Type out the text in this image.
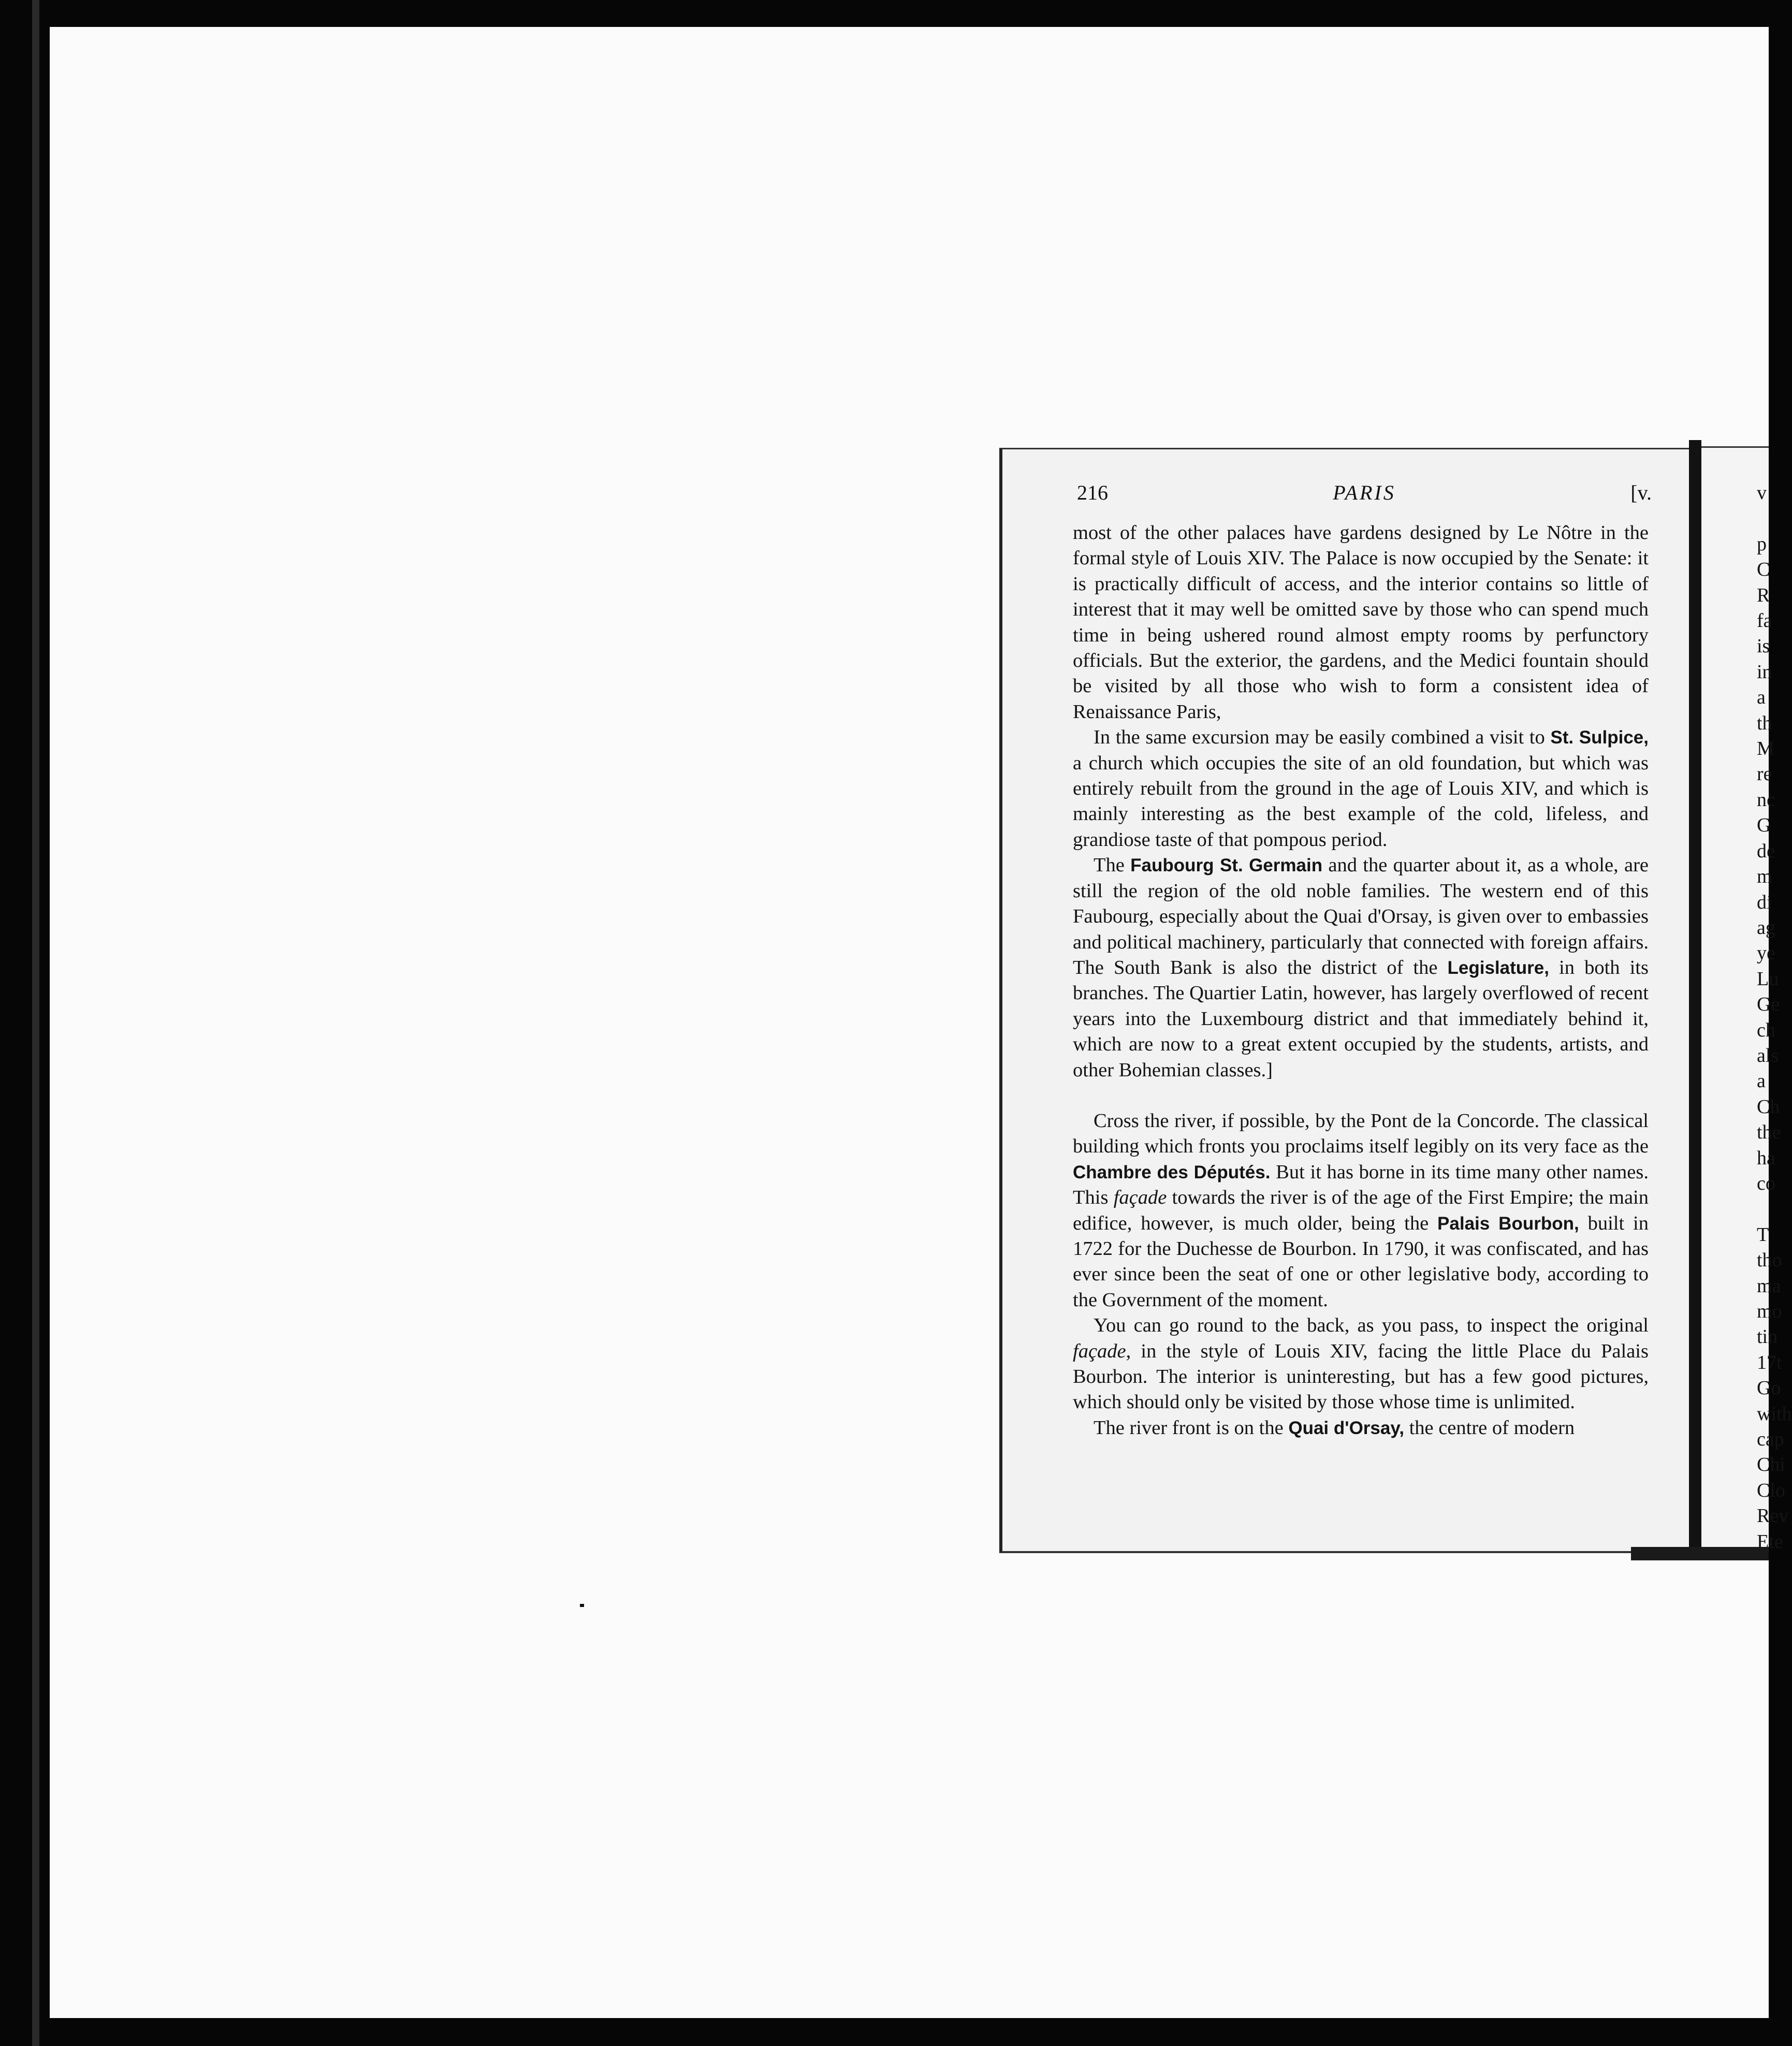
216	PARIS	[v.

most of the other palaces have gardens designed by Le Nôtre in the formal style of Louis XIV. The Palace is now occupied by the Senate: it is practically difficult of access, and the interior contains so little of interest that it may well be omitted save by those who can spend much time in being ushered round almost empty rooms by perfunctory officials. But the exterior, the gardens, and the Medici fountain should be visited by all those who wish to form a consistent idea of Renaissance Paris,

In the same excursion may be easily combined a visit to St. Sulpice, a church which occupies the site of an old foundation, but which was entirely rebuilt from the ground in the age of Louis XIV, and which is mainly interesting as the best example of the cold, lifeless, and grandiose taste of that pompous period.

The Faubourg St. Germain and the quarter about it, as a whole, are still the region of the old noble families. The western end of this Faubourg, especially about the Quai d'Orsay, is given over to embassies and political machinery, particularly that connected with foreign affairs. The South Bank is also the district of the Legislature, in both its branches. The Quartier Latin, however, has largely overflowed of recent years into the Luxembourg district and that immediately behind it, which are now to a great extent occupied by the students, artists, and other Bohemian classes.]

Cross the river, if possible, by the Pont de la Concorde. The classical building which fronts you proclaims itself legibly on its very face as the Chambre des Députés. But it has borne in its time many other names. This façade towards the river is of the age of the First Empire; the main edifice, however, is much older, being the Palais Bourbon, built in 1722 for the Duchesse de Bourbon. In 1790, it was confiscated, and has ever since been the seat of one or other legislative body, according to the Government of the moment.

You can go round to the back, as you pass, to inspect the original façade, in the style of Louis XIV, facing the little Place du Palais Bourbon. The interior is uninteresting, but has a few good pictures, which should only be visited by those whose time is unlimited.

The river front is on the Quai d'Orsay, the centre of modern

v

p
C
R
fa
is
in
a
th
M
re
nc
G
de
m
di
ag
ye
Lu
Ge
ch
als
a
Ch
the
ha
co

T
tho
ma
mo
tin
17t
Go
with
cap
Chi
Clo
Rev
Ete
